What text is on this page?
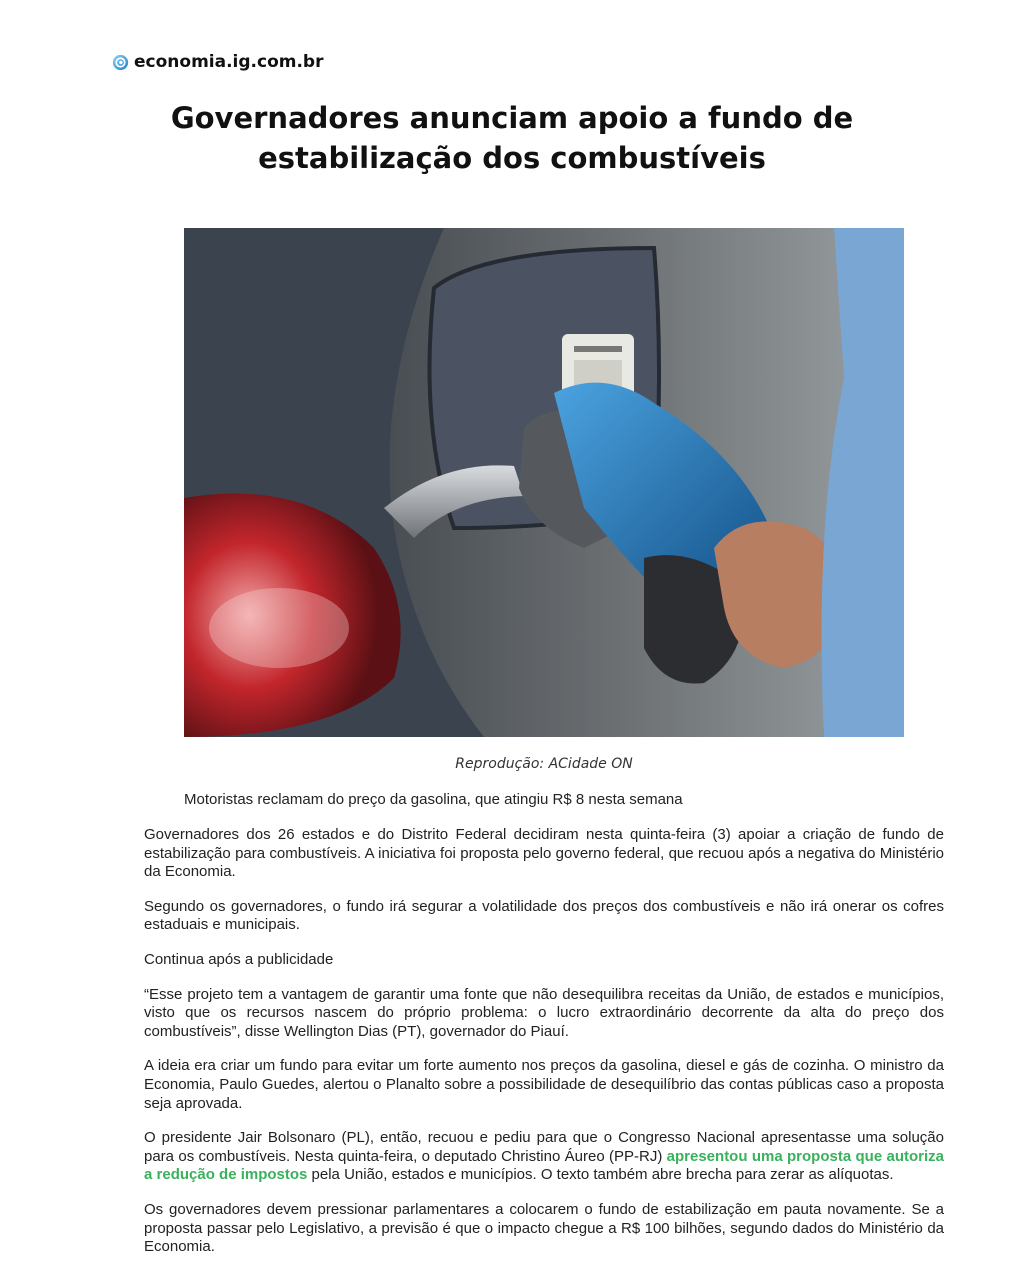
economia.ig.com.br
Governadores anunciam apoio a fundo de estabilização dos combustíveis
Reprodução: ACidade ON
Motoristas reclamam do preço da gasolina, que atingiu R$ 8 nesta semana

Governadores dos 26 estados e do Distrito Federal decidiram nesta quinta-feira (3) apoiar a criação de fundo de estabilização para combustíveis. A iniciativa foi proposta pelo governo federal, que recuou após a negativa do Ministério da Economia.

Segundo os governadores, o fundo irá segurar a volatilidade dos preços dos combustíveis e não irá onerar os cofres estaduais e municipais.

Continua após a publicidade

“Esse projeto tem a vantagem de garantir uma fonte que não desequilibra receitas da União, de estados e municípios, visto que os recursos nascem do próprio problema: o lucro extraordinário decorrente da alta do preço dos combustíveis”, disse Wellington Dias (PT), governador do Piauí.

A ideia era criar um fundo para evitar um forte aumento nos preços da gasolina, diesel e gás de cozinha. O ministro da Economia, Paulo Guedes, alertou o Planalto sobre a possibilidade de desequilíbrio das contas públicas caso a proposta seja aprovada.

O presidente Jair Bolsonaro (PL), então, recuou e pediu para que o Congresso Nacional apresentasse uma solução para os combustíveis. Nesta quinta-feira, o deputado Christino Áureo (PP-RJ) apresentou uma proposta que autoriza a redução de impostos pela União, estados e municípios. O texto também abre brecha para zerar as alíquotas.

Os governadores devem pressionar parlamentares a colocarem o fundo de estabilização em pauta novamente. Se a proposta passar pelo Legislativo, a previsão é que o impacto chegue a R$ 100 bilhões, segundo dados do Ministério da Economia.
